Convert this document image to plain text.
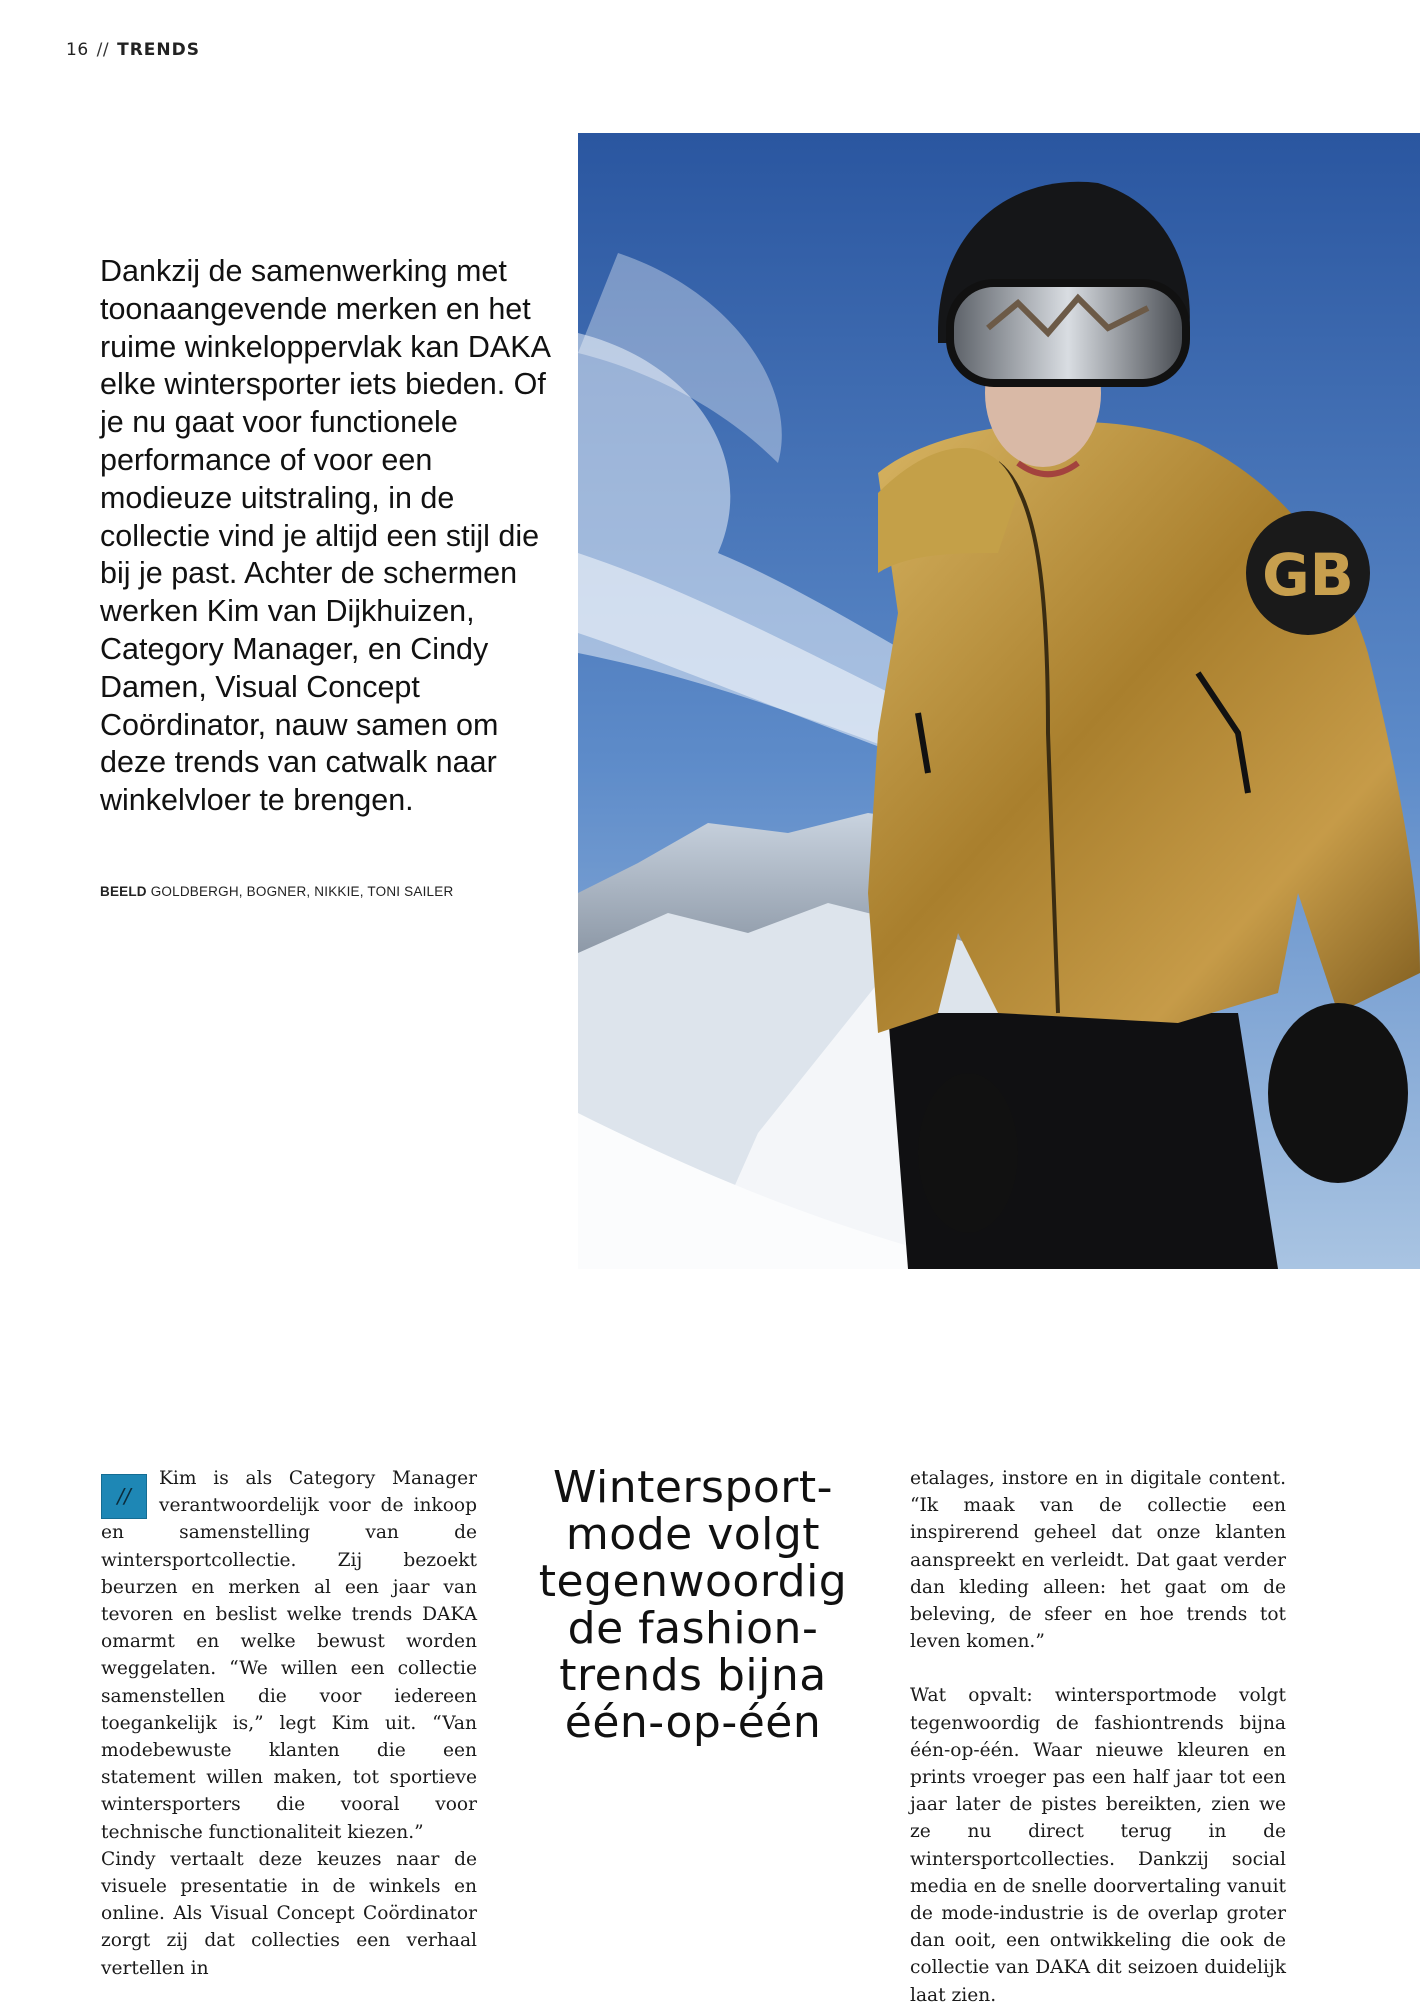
16 // TRENDS

Dankzij de samenwerking met toonaangevende merken en het ruime winkeloppervlak kan DAKA elke wintersporter iets bieden. Of je nu gaat voor functionele performance of voor een modieuze uitstraling, in de collectie vind je altijd een stijl die bij je past. Achter de schermen werken Kim van Dijkhuizen, Category Manager, en Cindy Damen, Visual Concept Coördinator, nauw samen om deze trends van catwalk naar winkelvloer te brengen.

BEELD GOLDBERGH, BOGNER, NIKKIE, TONI SAILER
GB
//

Kim is als Category Manager verantwoordelijk voor de inkoop en samenstelling van de wintersportcollectie. Zij bezoekt beurzen en merken al een jaar van tevoren en beslist welke trends DAKA omarmt en welke bewust worden weggelaten. “We willen een collectie samenstellen die voor iedereen toegankelijk is,” legt Kim uit. “Van modebewuste klanten die een statement willen maken, tot sportieve wintersporters die vooral voor technische functionaliteit kiezen.”

Cindy vertaalt deze keuzes naar de visuele presentatie in de winkels en online. Als Visual Concept Coördinator zorgt zij dat collecties een verhaal vertellen in

Wintersport-mode volgt tegenwoordig de fashion-trends bijna één-op-één

etalages, instore en in digitale content. “Ik maak van de collectie een inspirerend geheel dat onze klanten aanspreekt en verleidt. Dat gaat verder dan kleding alleen: het gaat om de beleving, de sfeer en hoe trends tot leven komen.”

Wat opvalt: wintersportmode volgt tegenwoordig de fashiontrends bijna één-op-één. Waar nieuwe kleuren en prints vroeger pas een half jaar tot een jaar later de pistes bereikten, zien we ze nu direct terug in de wintersportcollecties. Dankzij social media en de snelle doorvertaling vanuit de mode-industrie is de overlap groter dan ooit, een ontwikkeling die ook de collectie van DAKA dit seizoen duidelijk laat zien.
